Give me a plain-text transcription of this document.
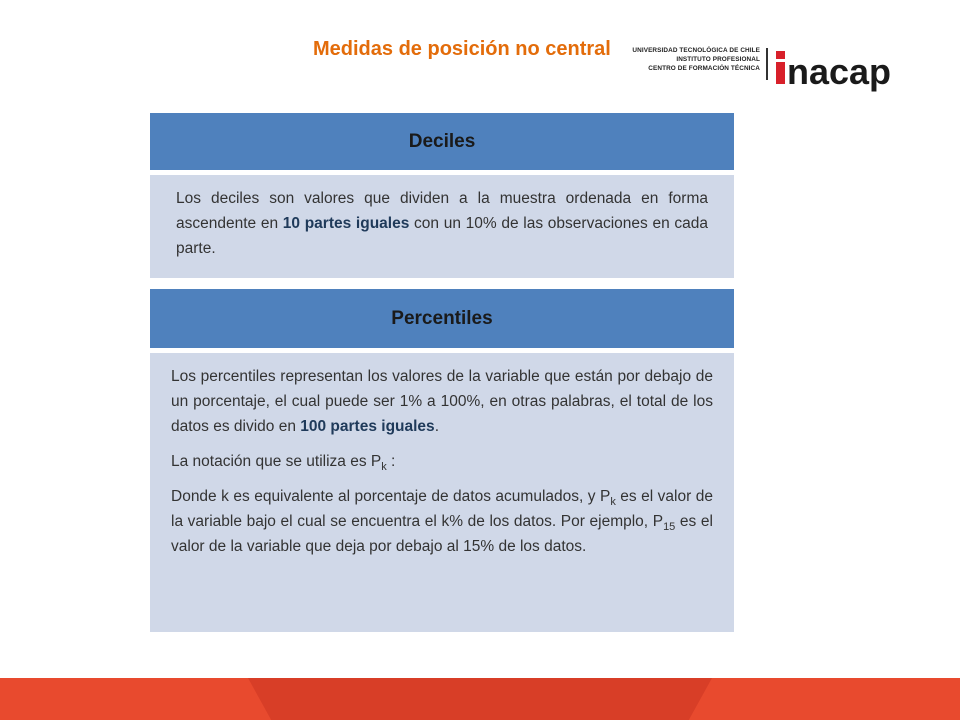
Medidas de posición no central	UNIVERSIDAD TECNOLÓGICA DE CHILE
INSTITUTO PROFESIONAL
CENTRO DE FORMACIÓN TÉCNICA nacap
Deciles

Los deciles son valores que dividen a la muestra ordenada en forma ascendente en 10 partes iguales con un 10% de las observaciones en cada parte.

Percentiles

Los percentiles representan los valores de la variable que están por debajo de un porcentaje, el cual puede ser 1% a 100%, en otras palabras, el total de los datos es divido en 100 partes iguales.

La notación que se utiliza es $P_k$ :

Donde k es equivalente al porcentaje de datos acumulados, y $P_k$ es el valor de la variable bajo el cual se encuentra el k% de los datos. Por ejemplo, $P_{15}$ es el valor de la variable que deja por debajo al 15% de los datos.
